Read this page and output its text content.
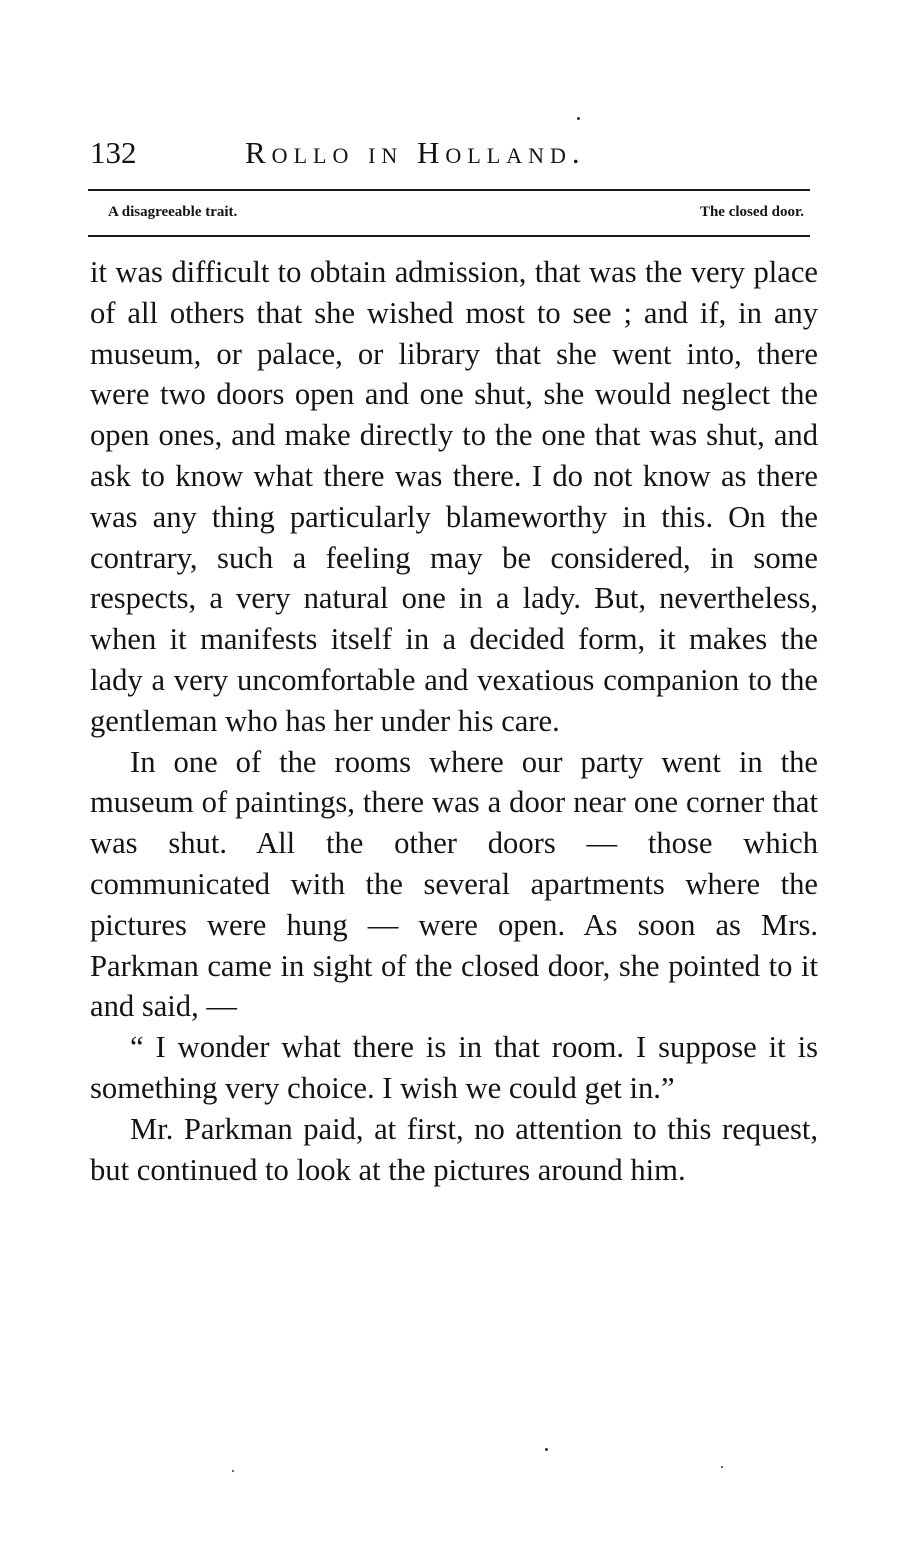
132	Rollo in Holland.
A disagreeable trait.	The closed door.

it was difficult to obtain admission, that was the very place of all others that she wished most to see ; and if, in any museum, or palace, or library that she went into, there were two doors open and one shut, she would neglect the open ones, and make directly to the one that was shut, and ask to know what there was there. I do not know as there was any thing particularly blameworthy in this. On the contrary, such a feeling may be considered, in some respects, a very natural one in a lady. But, nevertheless, when it manifests itself in a decided form, it makes the lady a very uncomfortable and vexatious companion to the gentleman who has her under his care.

In one of the rooms where our party went in the museum of paintings, there was a door near one corner that was shut. All the other doors — those which communicated with the several apartments where the pictures were hung — were open. As soon as Mrs. Parkman came in sight of the closed door, she pointed to it and said, —

“ I wonder what there is in that room. I suppose it is something very choice. I wish we could get in.”

Mr. Parkman paid, at first, no attention to this request, but continued to look at the pictures around him.
